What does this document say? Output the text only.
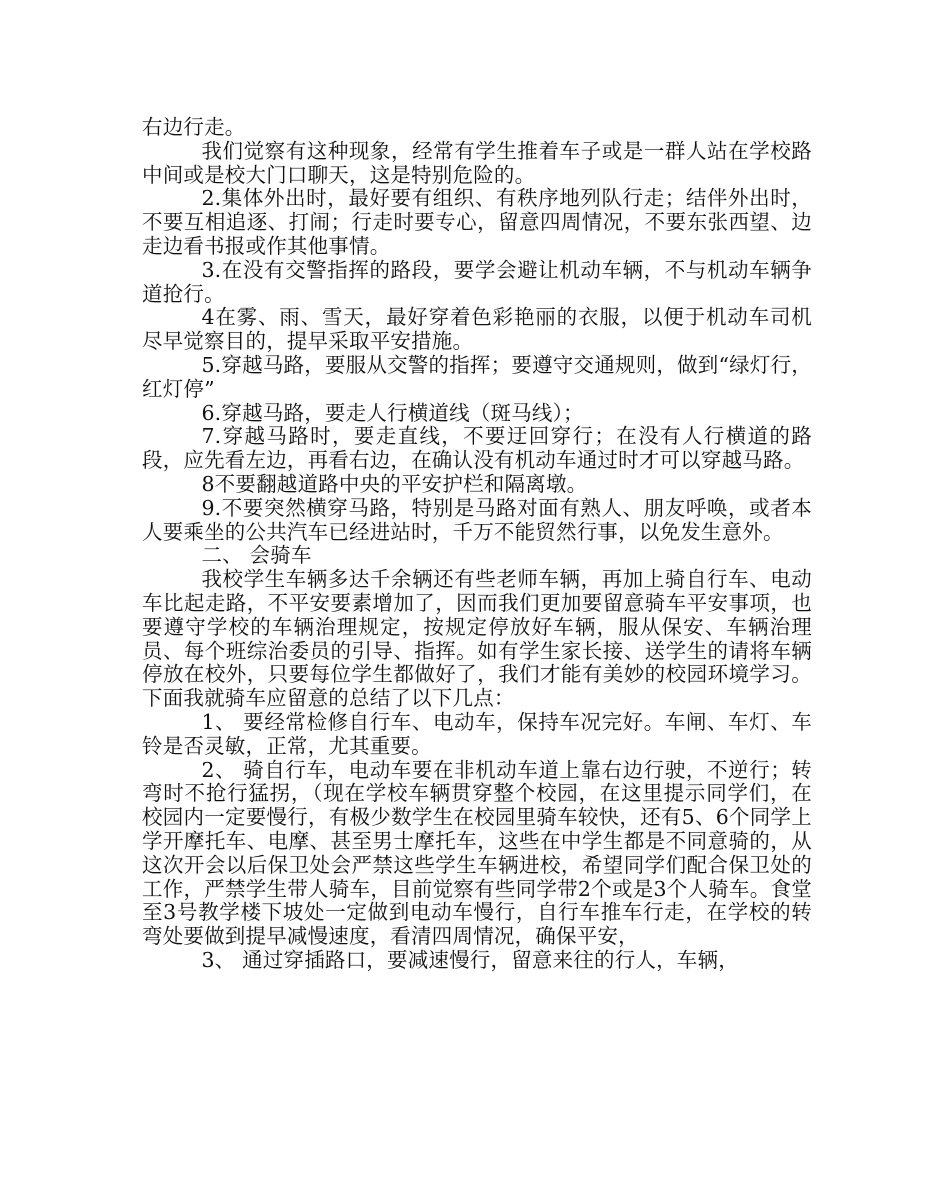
右边行走。

我们觉察有这种现象，经常有学生推着车子或是一群人站在学校路中间或是校大门口聊天，这是特别危险的。

2.集体外出时，最好要有组织、有秩序地列队行走；结伴外出时，不要互相追逐、打闹；行走时要专心，留意四周情况，不要东张西望、边走边看书报或作其他事情。

3.在没有交警指挥的路段，要学会避让机动车辆，不与机动车辆争道抢行。

4在雾、雨、雪天，最好穿着色彩艳丽的衣服，以便于机动车司机尽早觉察目的，提早采取平安措施。

5.穿越马路，要服从交警的指挥；要遵守交通规则，做到“绿灯行，红灯停”

6.穿越马路，要走人行横道线（斑马线）；

7.穿越马路时，要走直线，不要迂回穿行；在没有人行横道的路段，应先看左边，再看右边，在确认没有机动车通过时才可以穿越马路。

8不要翻越道路中央的平安护栏和隔离墩。

9.不要突然横穿马路，特别是马路对面有熟人、朋友呼唤，或者本人要乘坐的公共汽车已经进站时，千万不能贸然行事，以免发生意外。

二、 会骑车

我校学生车辆多达千余辆还有些老师车辆，再加上骑自行车、电动车比起走路，不平安要素增加了，因而我们更加要留意骑车平安事项，也要遵守学校的车辆治理规定，按规定停放好车辆，服从保安、车辆治理员、每个班综治委员的引导、指挥。如有学生家长接、送学生的请将车辆停放在校外，只要每位学生都做好了，我们才能有美妙的校园环境学习。下面我就骑车应留意的总结了以下几点：

1、 要经常检修自行车、电动车，保持车况完好。车闸、车灯、车铃是否灵敏，正常，尤其重要。

2、 骑自行车，电动车要在非机动车道上靠右边行驶，不逆行；转弯时不抢行猛拐，（现在学校车辆贯穿整个校园，在这里提示同学们，在校园内一定要慢行，有极少数学生在校园里骑车较快，还有5、6个同学上学开摩托车、电摩、甚至男士摩托车，这些在中学生都是不同意骑的，从这次开会以后保卫处会严禁这些学生车辆进校，希望同学们配合保卫处的工作，严禁学生带人骑车，目前觉察有些同学带2个或是3个人骑车。食堂至3号教学楼下坡处一定做到电动车慢行，自行车推车行走，在学校的转弯处要做到提早减慢速度，看清四周情况，确保平安，

3、 通过穿插路口，要减速慢行，留意来往的行人，车辆，
